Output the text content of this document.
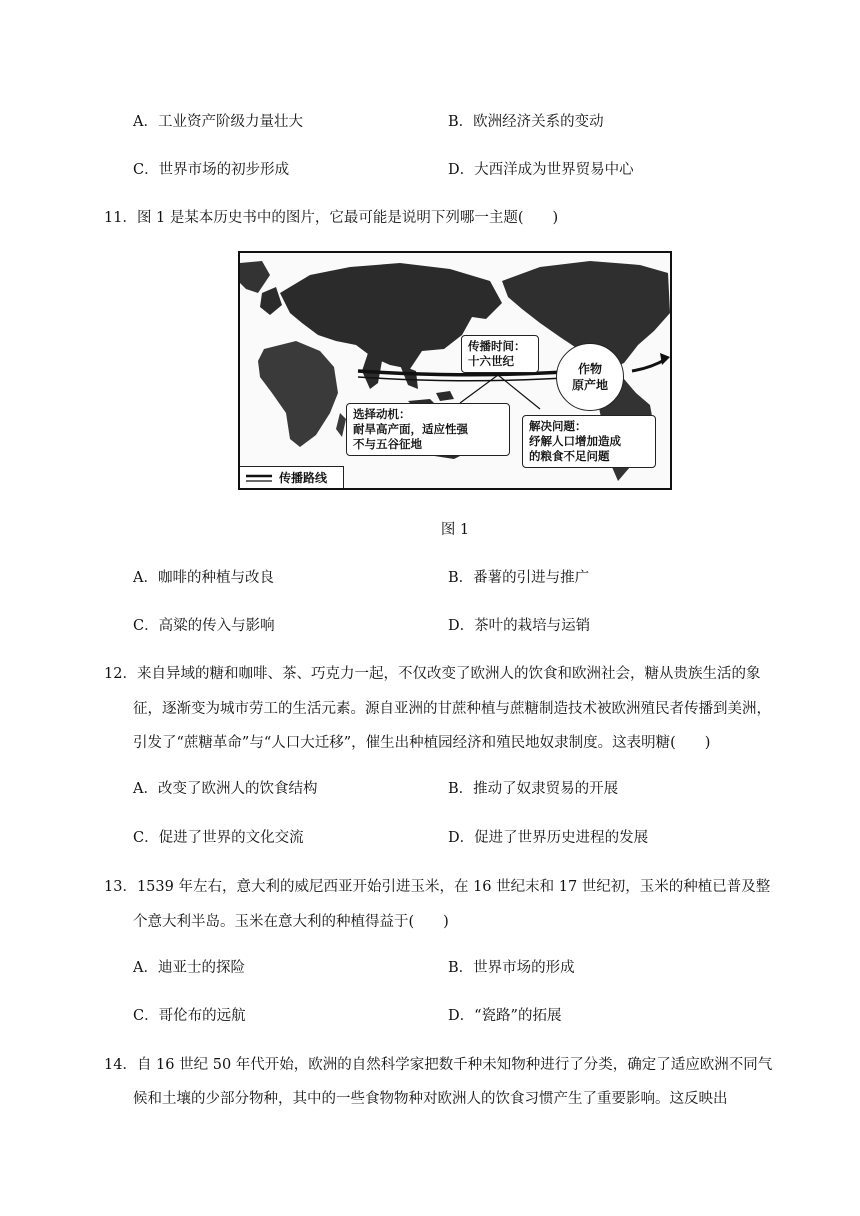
A．工业资产阶级力量壮大	B．欧洲经济关系的变动
C．世界市场的初步形成	D．大西洋成为世界贸易中心
11．图 1 是某本历史书中的图片，它最可能是说明下列哪一主题(　　)
传播时间：
十六世纪
作物
原产地
选择动机：
耐旱高产面，适应性强
不与五谷征地
解决问题：
纾解人口增加造成
的粮食不足问题
传播路线
图 1
A．咖啡的种植与改良	B．番薯的引进与推广
C．高粱的传入与影响	D．茶叶的栽培与运销
12．来自异域的糖和咖啡、茶、巧克力一起，不仅改变了欧洲人的饮食和欧洲社会，糖从贵族生活的象
征，逐渐变为城市劳工的生活元素。源自亚洲的甘蔗种植与蔗糖制造技术被欧洲殖民者传播到美洲，
引发了“蔗糖革命”与“人口大迁移”，催生出种植园经济和殖民地奴隶制度。这表明糖(　　)
A．改变了欧洲人的饮食结构	B．推动了奴隶贸易的开展
C．促进了世界的文化交流	D．促进了世界历史进程的发展
13．1539 年左右，意大利的威尼西亚开始引进玉米，在 16 世纪末和 17 世纪初，玉米的种植已普及整
个意大利半岛。玉米在意大利的种植得益于(　　)
A．迪亚士的探险	B．世界市场的形成
C．哥伦布的远航	D．“瓷路”的拓展
14．自 16 世纪 50 年代开始，欧洲的自然科学家把数千种未知物种进行了分类，确定了适应欧洲不同气
候和土壤的少部分物种，其中的一些食物物种对欧洲人的饮食习惯产生了重要影响。这反映出
